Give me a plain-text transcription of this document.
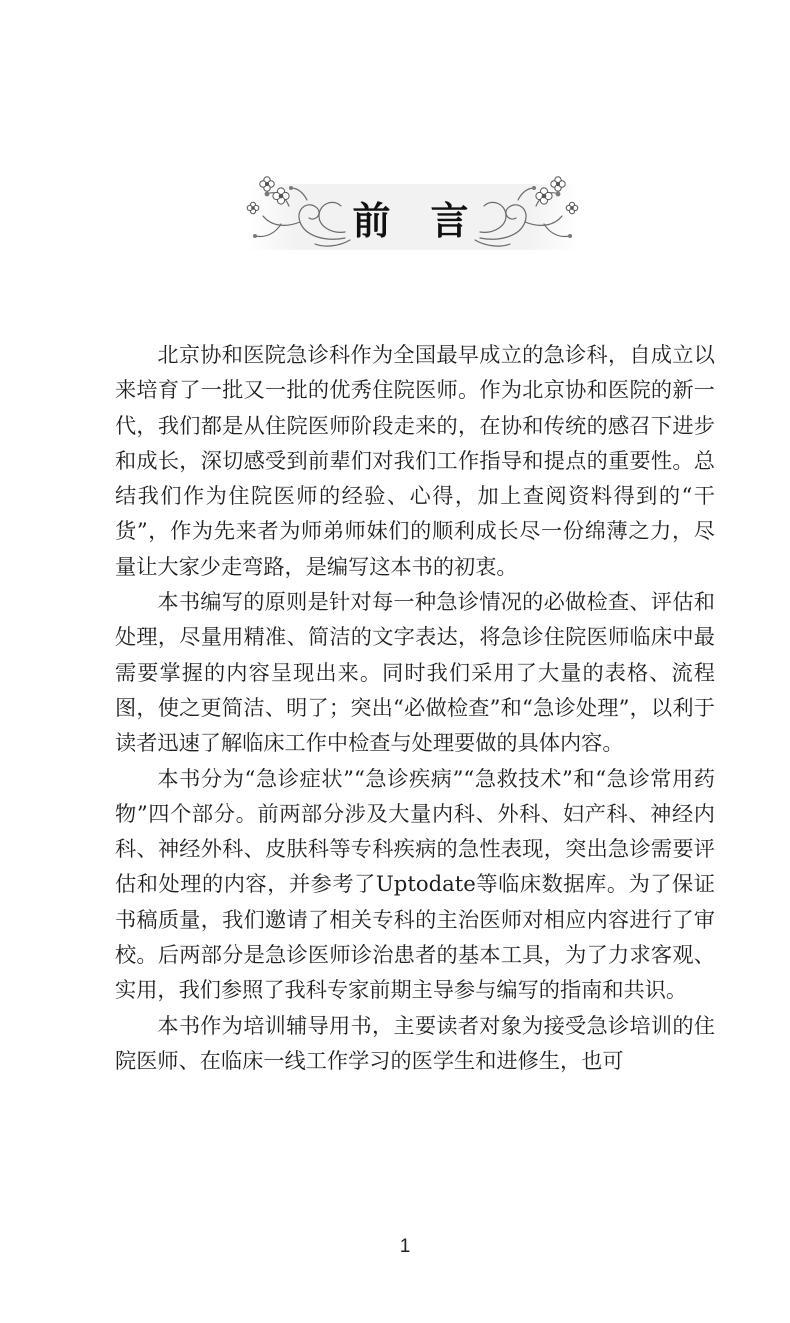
前 言

北京协和医院急诊科作为全国最早成立的急诊科，自成立以来培育了一批又一批的优秀住院医师。作为北京协和医院的新一代，我们都是从住院医师阶段走来的，在协和传统的感召下进步和成长，深切感受到前辈们对我们工作指导和提点的重要性。总结我们作为住院医师的经验、心得，加上查阅资料得到的“干货”，作为先来者为师弟师妹们的顺利成长尽一份绵薄之力，尽量让大家少走弯路，是编写这本书的初衷。

本书编写的原则是针对每一种急诊情况的必做检查、评估和处理，尽量用精准、简洁的文字表达，将急诊住院医师临床中最需要掌握的内容呈现出来。同时我们采用了大量的表格、流程图，使之更简洁、明了；突出“必做检查”和“急诊处理”，以利于读者迅速了解临床工作中检查与处理要做的具体内容。

本书分为“急诊症状”“急诊疾病”“急救技术”和“急诊常用药物”四个部分。前两部分涉及大量内科、外科、妇产科、神经内科、神经外科、皮肤科等专科疾病的急性表现，突出急诊需要评估和处理的内容，并参考了Uptodate等临床数据库。为了保证书稿质量，我们邀请了相关专科的主治医师对相应内容进行了审校。后两部分是急诊医师诊治患者的基本工具，为了力求客观、实用，我们参照了我科专家前期主导参与编写的指南和共识。

本书作为培训辅导用书，主要读者对象为接受急诊培训的住院医师、在临床一线工作学习的医学生和进修生，也可

1
